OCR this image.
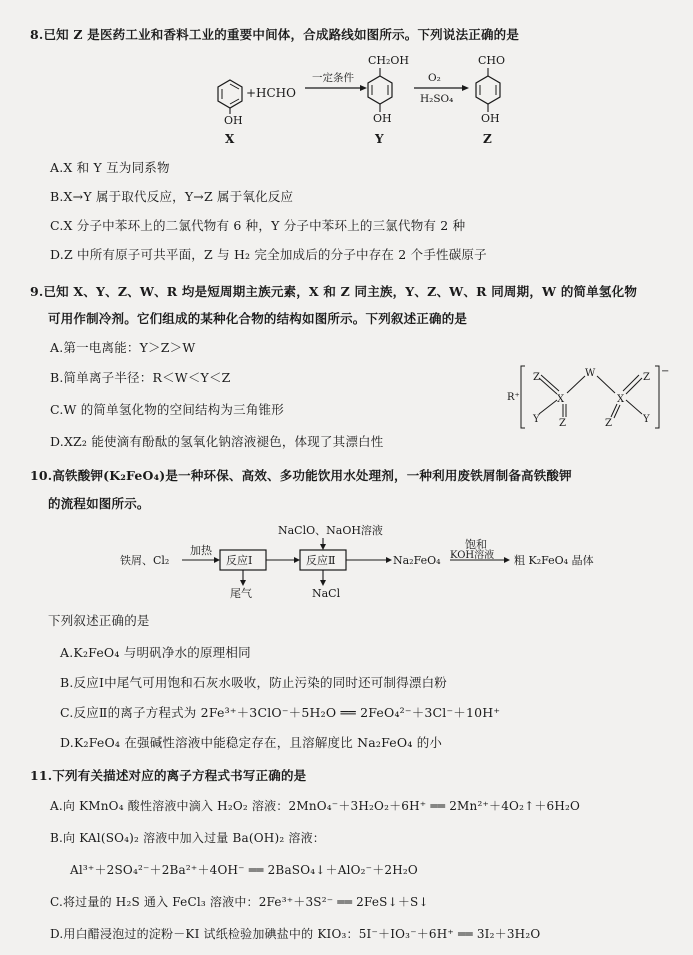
8.已知 Z 是医药工业和香料工业的重要中间体，合成路线如图所示。下列说法正确的是
OH
X
+ HCHO
一定条件
CH₂OH
OH
Y
O₂
H₂SO₄
CHO
OH
Z
A.X 和 Y 互为同系物
B.X→Y 属于取代反应，Y→Z 属于氧化反应
C.X 分子中苯环上的二氯代物有 6 种，Y 分子中苯环上的三氯代物有 2 种
D.Z 中所有原子可共平面，Z 与 H₂ 完全加成后的分子中存在 2 个手性碳原子
9.已知 X、Y、Z、W、R 均是短周期主族元素，X 和 Z 同主族，Y、Z、W、R 同周期，W 的简单氢化物
可用作制冷剂。它们组成的某种化合物的结构如图所示。下列叙述正确的是
A.第一电离能：Y＞Z＞W
B.简单离子半径：R＜W＜Y＜Z
C.W 的简单氢化物的空间结构为三角锥形
D.XZ₂ 能使滴有酚酞的氢氧化钠溶液褪色，体现了其漂白性
R⁺
−
X
Z
Y Z
W
X
Z
Y
Z
10.高铁酸钾(K₂FeO₄)是一种环保、高效、多功能饮用水处理剂，一种利用废铁屑制备高铁酸钾
的流程如图所示。
铁屑、Cl₂
加热
反应Ⅰ
尾气
NaClO、NaOH溶液
反应Ⅱ
NaCl
Na₂FeO₄
饱和
KOH溶液 粗 K₂FeO₄ 晶体
下列叙述正确的是
A.K₂FeO₄ 与明矾净水的原理相同
B.反应Ⅰ中尾气可用饱和石灰水吸收，防止污染的同时还可制得漂白粉
C.反应Ⅱ的离子方程式为 2Fe³⁺＋3ClO⁻＋5H₂O ══ 2FeO₄²⁻＋3Cl⁻＋10H⁺
D.K₂FeO₄ 在强碱性溶液中能稳定存在，且溶解度比 Na₂FeO₄ 的小
11.下列有关描述对应的离子方程式书写正确的是
A.向 KMnO₄ 酸性溶液中滴入 H₂O₂ 溶液：2MnO₄⁻＋3H₂O₂＋6H⁺ ══ 2Mn²⁺＋4O₂↑＋6H₂O
B.向 KAl(SO₄)₂ 溶液中加入过量 Ba(OH)₂ 溶液：
Al³⁺＋2SO₄²⁻＋2Ba²⁺＋4OH⁻ ══ 2BaSO₄↓＋AlO₂⁻＋2H₂O
C.将过量的 H₂S 通入 FeCl₃ 溶液中：2Fe³⁺＋3S²⁻ ══ 2FeS↓＋S↓
D.用白醋浸泡过的淀粉－KI 试纸检验加碘盐中的 KIO₃：5I⁻＋IO₃⁻＋6H⁺ ══ 3I₂＋3H₂O
